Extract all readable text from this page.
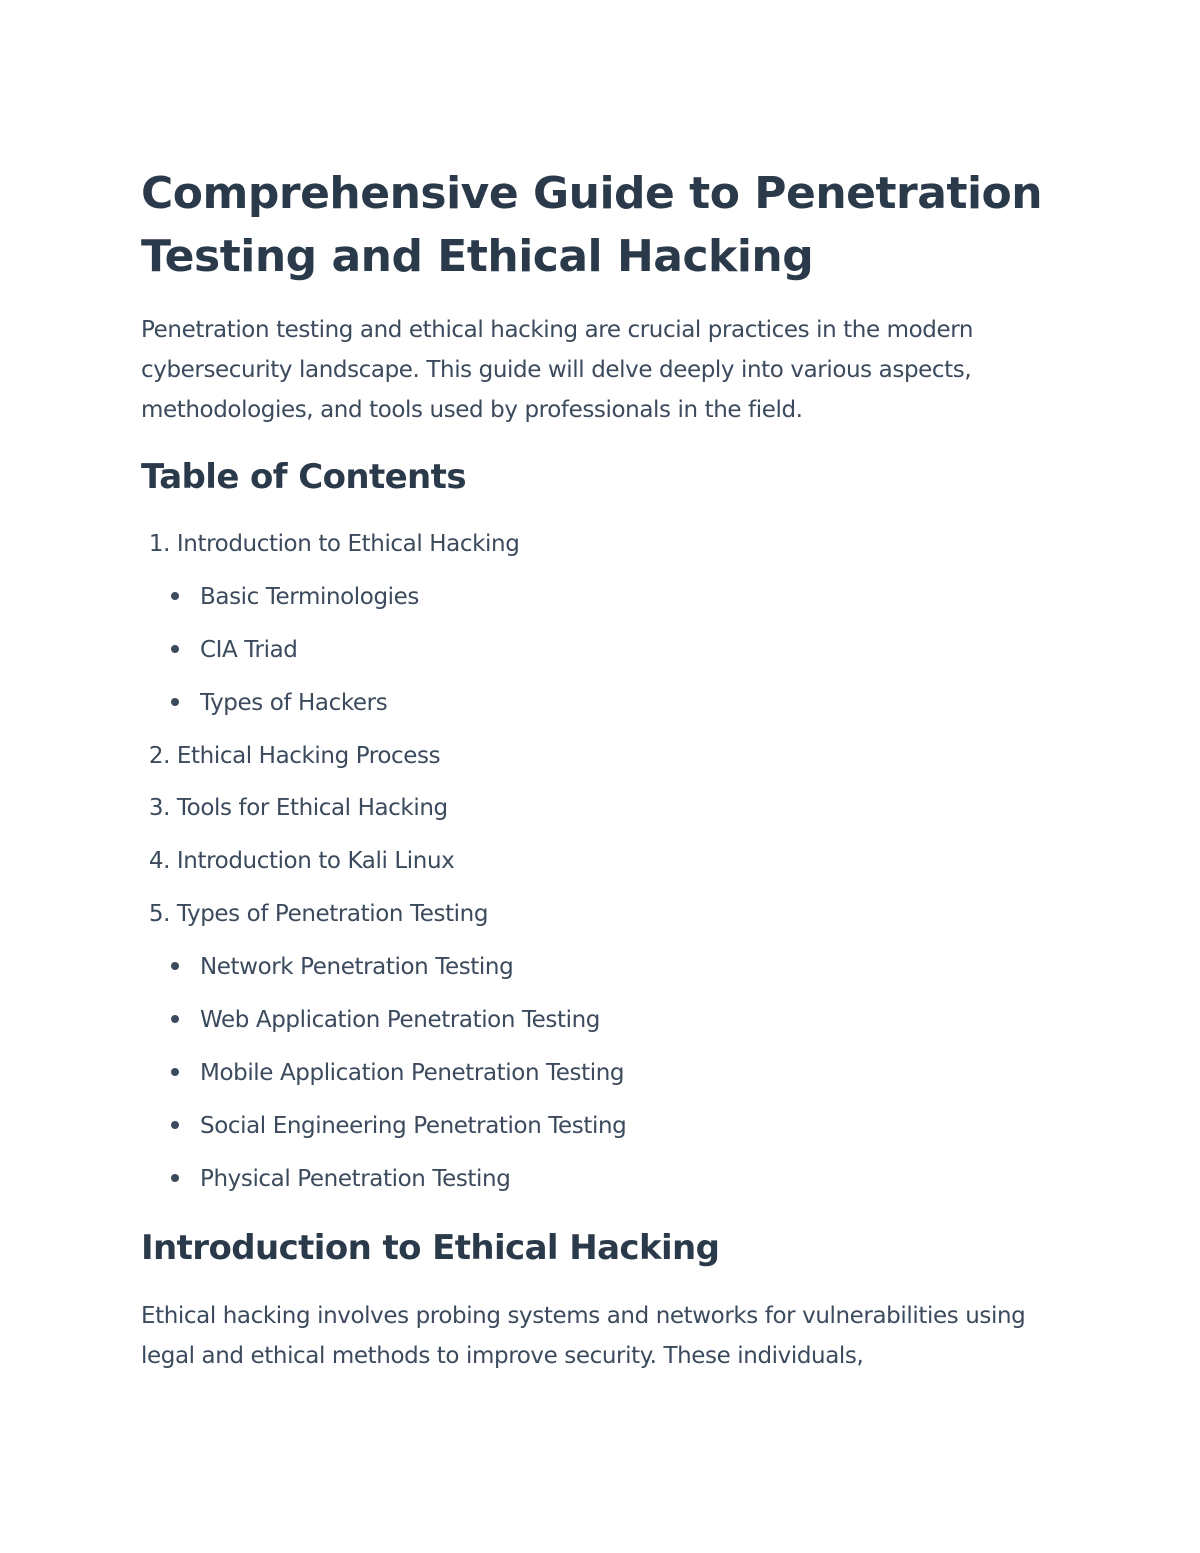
Comprehensive Guide to Penetration Testing and Ethical Hacking

Penetration testing and ethical hacking are crucial practices in the modern cybersecurity landscape. This guide will delve deeply into various aspects, methodologies, and tools used by professionals in the field.

Table of Contents
1. Introduction to Ethical Hacking
Basic Terminologies
CIA Triad
Types of Hackers
2. Ethical Hacking Process
3. Tools for Ethical Hacking
4. Introduction to Kali Linux
5. Types of Penetration Testing
Network Penetration Testing
Web Application Penetration Testing
Mobile Application Penetration Testing
Social Engineering Penetration Testing
Physical Penetration Testing
Introduction to Ethical Hacking

Ethical hacking involves probing systems and networks for vulnerabilities using legal and ethical methods to improve security. These individuals,
